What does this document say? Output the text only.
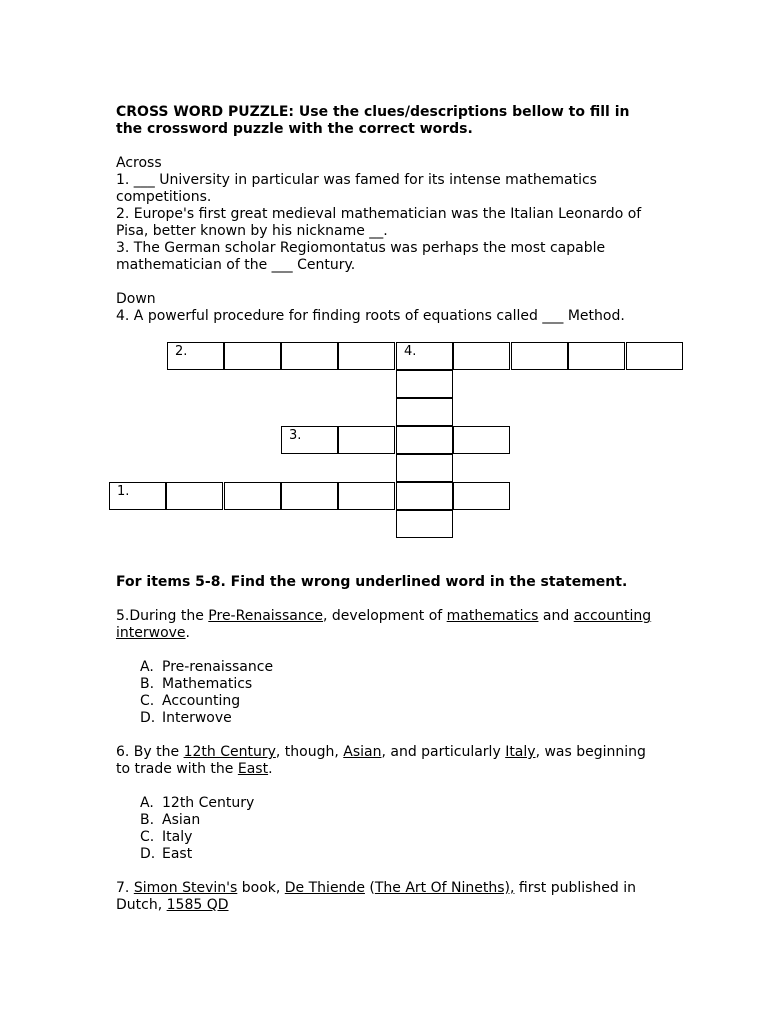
CROSS WORD PUZZLE: Use the clues/descriptions bellow to fill in the crossword puzzle with the correct words.

Across

1. ___ University in particular was famed for its intense mathematics competitions.

2. Europe's first great medieval mathematician was the Italian Leonardo of Pisa, better known by his nickname __.

3. The German scholar Regiomontatus was perhaps the most capable mathematician of the ___ Century.

Down

4. A powerful procedure for finding roots of equations called ___ Method.

2.	4.
3.
1.

For items 5-8. Find the wrong underlined word in the statement.

5.During the Pre-Renaissance, development of mathematics and accounting interwove.

A. Pre-renaissance
B. Mathematics
C. Accounting
D. Interwove

6. By the 12th Century, though, Asian, and particularly Italy, was beginning to trade with the East.

A. 12th Century
B. Asian
C. Italy
D. East

7. Simon Stevin's book, De Thiende (The Art Of Nineths), first published in Dutch, 1585 QD
